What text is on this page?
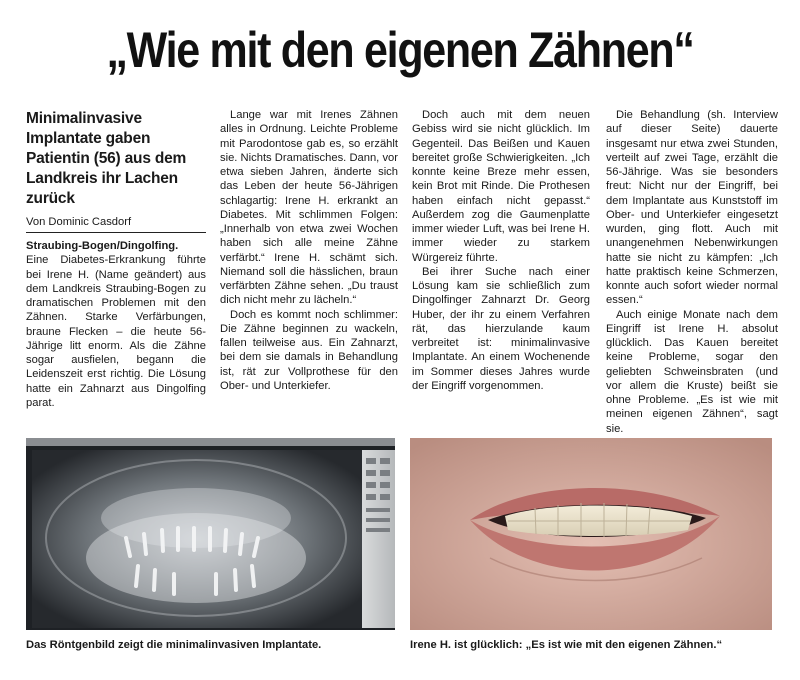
„Wie mit den eigenen Zähnen“
Minimalinvasive Implantate gaben Patientin (56) aus dem Landkreis ihr Lachen zurück
Von Dominic Casdorf

Straubing-Bogen/Dingolfing.
Eine Diabetes-Erkrankung führte bei Irene H. (Name geändert) aus dem Landkreis Straubing-Bogen zu dramatischen Problemen mit den Zähnen. Starke Verfärbungen, braune Flecken – die heute 56-Jährige litt enorm. Als die Zähne sogar ausfielen, begann die Leidenszeit erst richtig. Die Lösung hatte ein Zahnarzt aus Dingolfing parat.

Lange war mit Irenes Zähnen alles in Ordnung. Leichte Probleme mit Parodontose gab es, so erzählt sie. Nichts Dramatisches. Dann, vor etwa sieben Jahren, änderte sich das Leben der heute 56-Jährigen schlagartig: Irene H. erkrankt an Diabetes. Mit schlimmen Folgen: „Innerhalb von etwa zwei Wochen haben sich alle meine Zähne verfärbt.“ Irene H. schämt sich. Niemand soll die hässlichen, braun verfärbten Zähne sehen. „Du traust dich nicht mehr zu lächeln.“

Doch es kommt noch schlimmer: Die Zähne beginnen zu wackeln, fallen teilweise aus. Ein Zahnarzt, bei dem sie damals in Behandlung ist, rät zur Vollprothese für den Ober- und Unterkiefer.

Doch auch mit dem neuen Gebiss wird sie nicht glücklich. Im Gegenteil. Das Beißen und Kauen bereitet große Schwierigkeiten. „Ich konnte keine Breze mehr essen, kein Brot mit Rinde. Die Prothesen haben einfach nicht gepasst.“ Außerdem zog die Gaumenplatte immer wieder Luft, was bei Irene H. immer wieder zu starkem Würgereiz führte.

Bei ihrer Suche nach einer Lösung kam sie schließlich zum Dingolfinger Zahnarzt Dr. Georg Huber, der ihr zu einem Verfahren rät, das hierzulande kaum verbreitet ist: minimalinvasive Implantate. An einem Wochenende im Sommer dieses Jahres wurde der Eingriff vorgenommen.

Die Behandlung (sh. Interview auf dieser Seite) dauerte insgesamt nur etwa zwei Stunden, verteilt auf zwei Tage, erzählt die 56-Jährige. Was sie besonders freut: Nicht nur der Eingriff, bei dem Implantate aus Kunststoff im Ober- und Unterkiefer eingesetzt wurden, ging flott. Auch mit unangenehmen Nebenwirkungen hatte sie nicht zu kämpfen: „Ich hatte praktisch keine Schmerzen, konnte auch sofort wieder normal essen.“

Auch einige Monate nach dem Eingriff ist Irene H. absolut glücklich. Das Kauen bereitet keine Probleme, sogar den geliebten Schweinsbraten (und vor allem die Kruste) beißt sie ohne Probleme. „Es ist wie mit meinen eigenen Zähnen“, sagt sie.

Das Röntgenbild zeigt die minimalinvasiven Implantate.	Irene H. ist glücklich: „Es ist wie mit den eigenen Zähnen.“
